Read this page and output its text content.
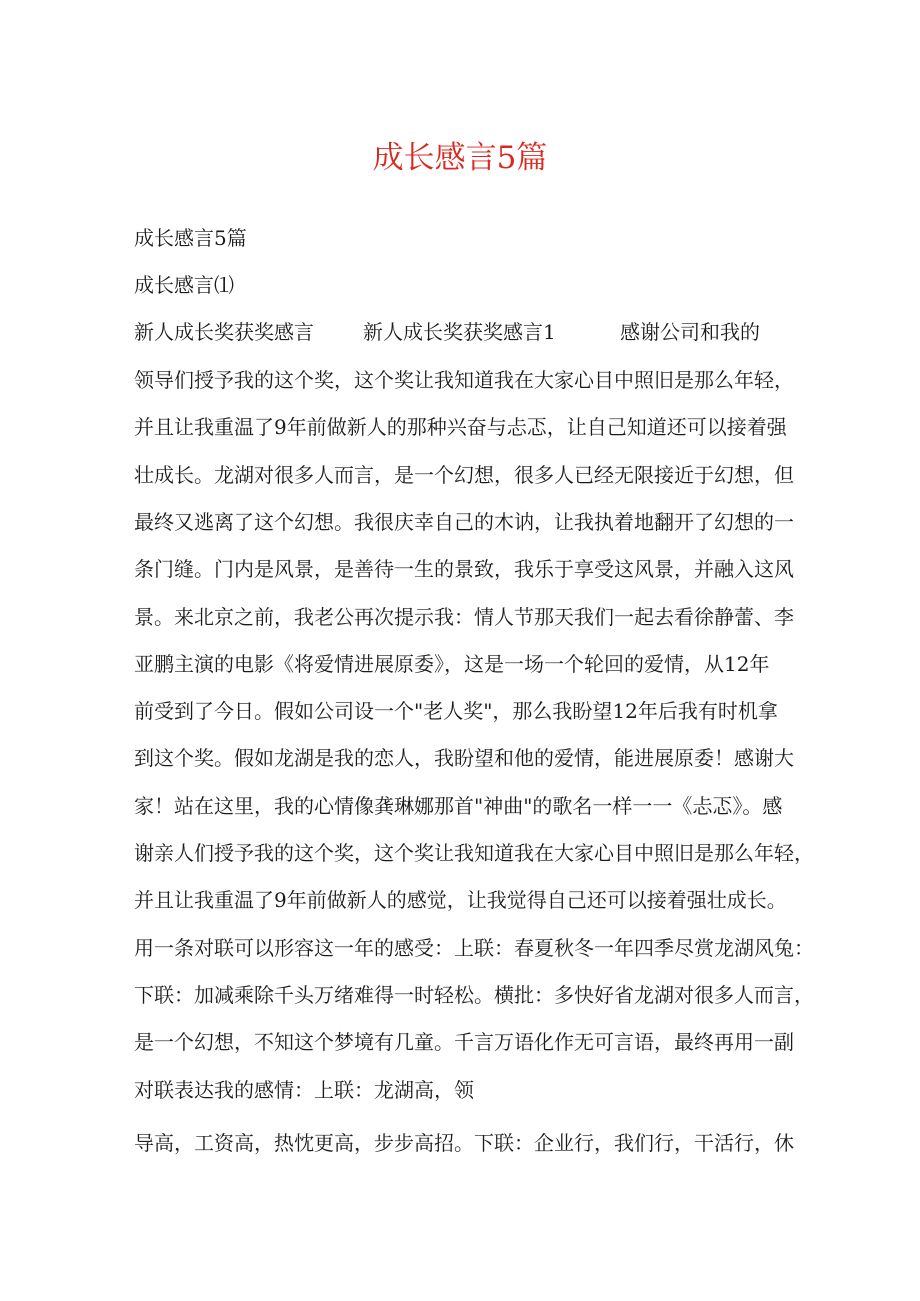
成长感言5篇
成长感言5篇
成长感言⑴
新人成长奖获奖感言 新人成长奖获奖感言1	感谢公司和我的
领导们授予我的这个奖，这个奖让我知道我在大家心目中照旧是那么年轻，
并且让我重温了9年前做新人的那种兴奋与忐忑，让自己知道还可以接着强
壮成长。龙湖对很多人而言，是一个幻想，很多人已经无限接近于幻想，但
最终又逃离了这个幻想。我很庆幸自己的木讷，让我执着地翻开了幻想的一
条门缝。门内是风景，是善待一生的景致，我乐于享受这风景，并融入这风
景。来北京之前，我老公再次提示我：情人节那天我们一起去看徐静蕾、李
亚鹏主演的电影《将爱情进展原委》，这是一场一个轮回的爱情，从12年
前受到了今日。假如公司设一个"老人奖"，那么我盼望12年后我有时机拿
到这个奖。假如龙湖是我的恋人，我盼望和他的爱情，能进展原委！感谢大
家！站在这里，我的心情像龚琳娜那首"神曲"的歌名一样一一《忐忑》。感
谢亲人们授予我的这个奖，这个奖让我知道我在大家心目中照旧是那么年轻，
并且让我重温了9年前做新人的感觉，让我觉得自己还可以接着强壮成长。
用一条对联可以形容这一年的感受：上联：春夏秋冬一年四季尽赏龙湖风兔：
下联：加减乘除千头万绪难得一时轻松。横批：多快好省龙湖对很多人而言，
是一个幻想，不知这个梦境有几童。千言万语化作无可言语，最终再用一副
对联表达我的感情：上联：龙湖高，领
导高，工资高，热忱更高，步步高招。下联：企业行，我们行，干活行，休
